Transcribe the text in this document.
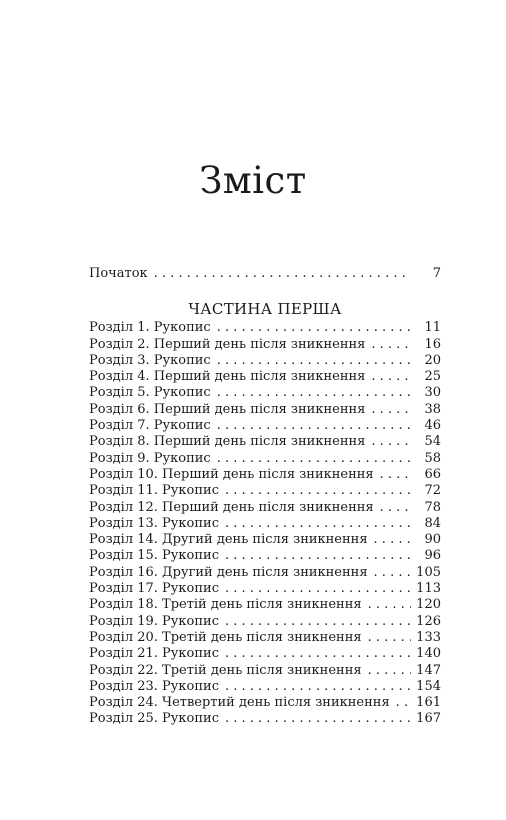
Зміст
Початок . . .	7
ЧАСТИНА ПЕРША
Розділ 1. Рукопис . . .	11
Розділ 2. Перший день після зникнення . . .	16
Розділ 3. Рукопис . . .	20
Розділ 4. Перший день після зникнення . . .	25
Розділ 5. Рукопис . . .	30
Розділ 6. Перший день після зникнення . . .	38
Розділ 7. Рукопис . . .	46
Розділ 8. Перший день після зникнення . . .	54
Розділ 9. Рукопис . . .	58
Розділ 10. Перший день після зникнення . . .	66
Розділ 11. Рукопис . . .	72
Розділ 12. Перший день після зникнення . . .	78
Розділ 13. Рукопис . . .	84
Розділ 14. Другий день після зникнення . . .	90
Розділ 15. Рукопис . . .	96
Розділ 16. Другий день після зникнення . . .	105
Розділ 17. Рукопис . . .	113
Розділ 18. Третій день після зникнення . . .	120
Розділ 19. Рукопис . . .	126
Розділ 20. Третій день після зникнення . . .	133
Розділ 21. Рукопис . . .	140
Розділ 22. Третій день після зникнення . . .	147
Розділ 23. Рукопис . . .	154
Розділ 24. Четвертий день після зникнення . . . 161
Розділ 25. Рукопис . . .	167
